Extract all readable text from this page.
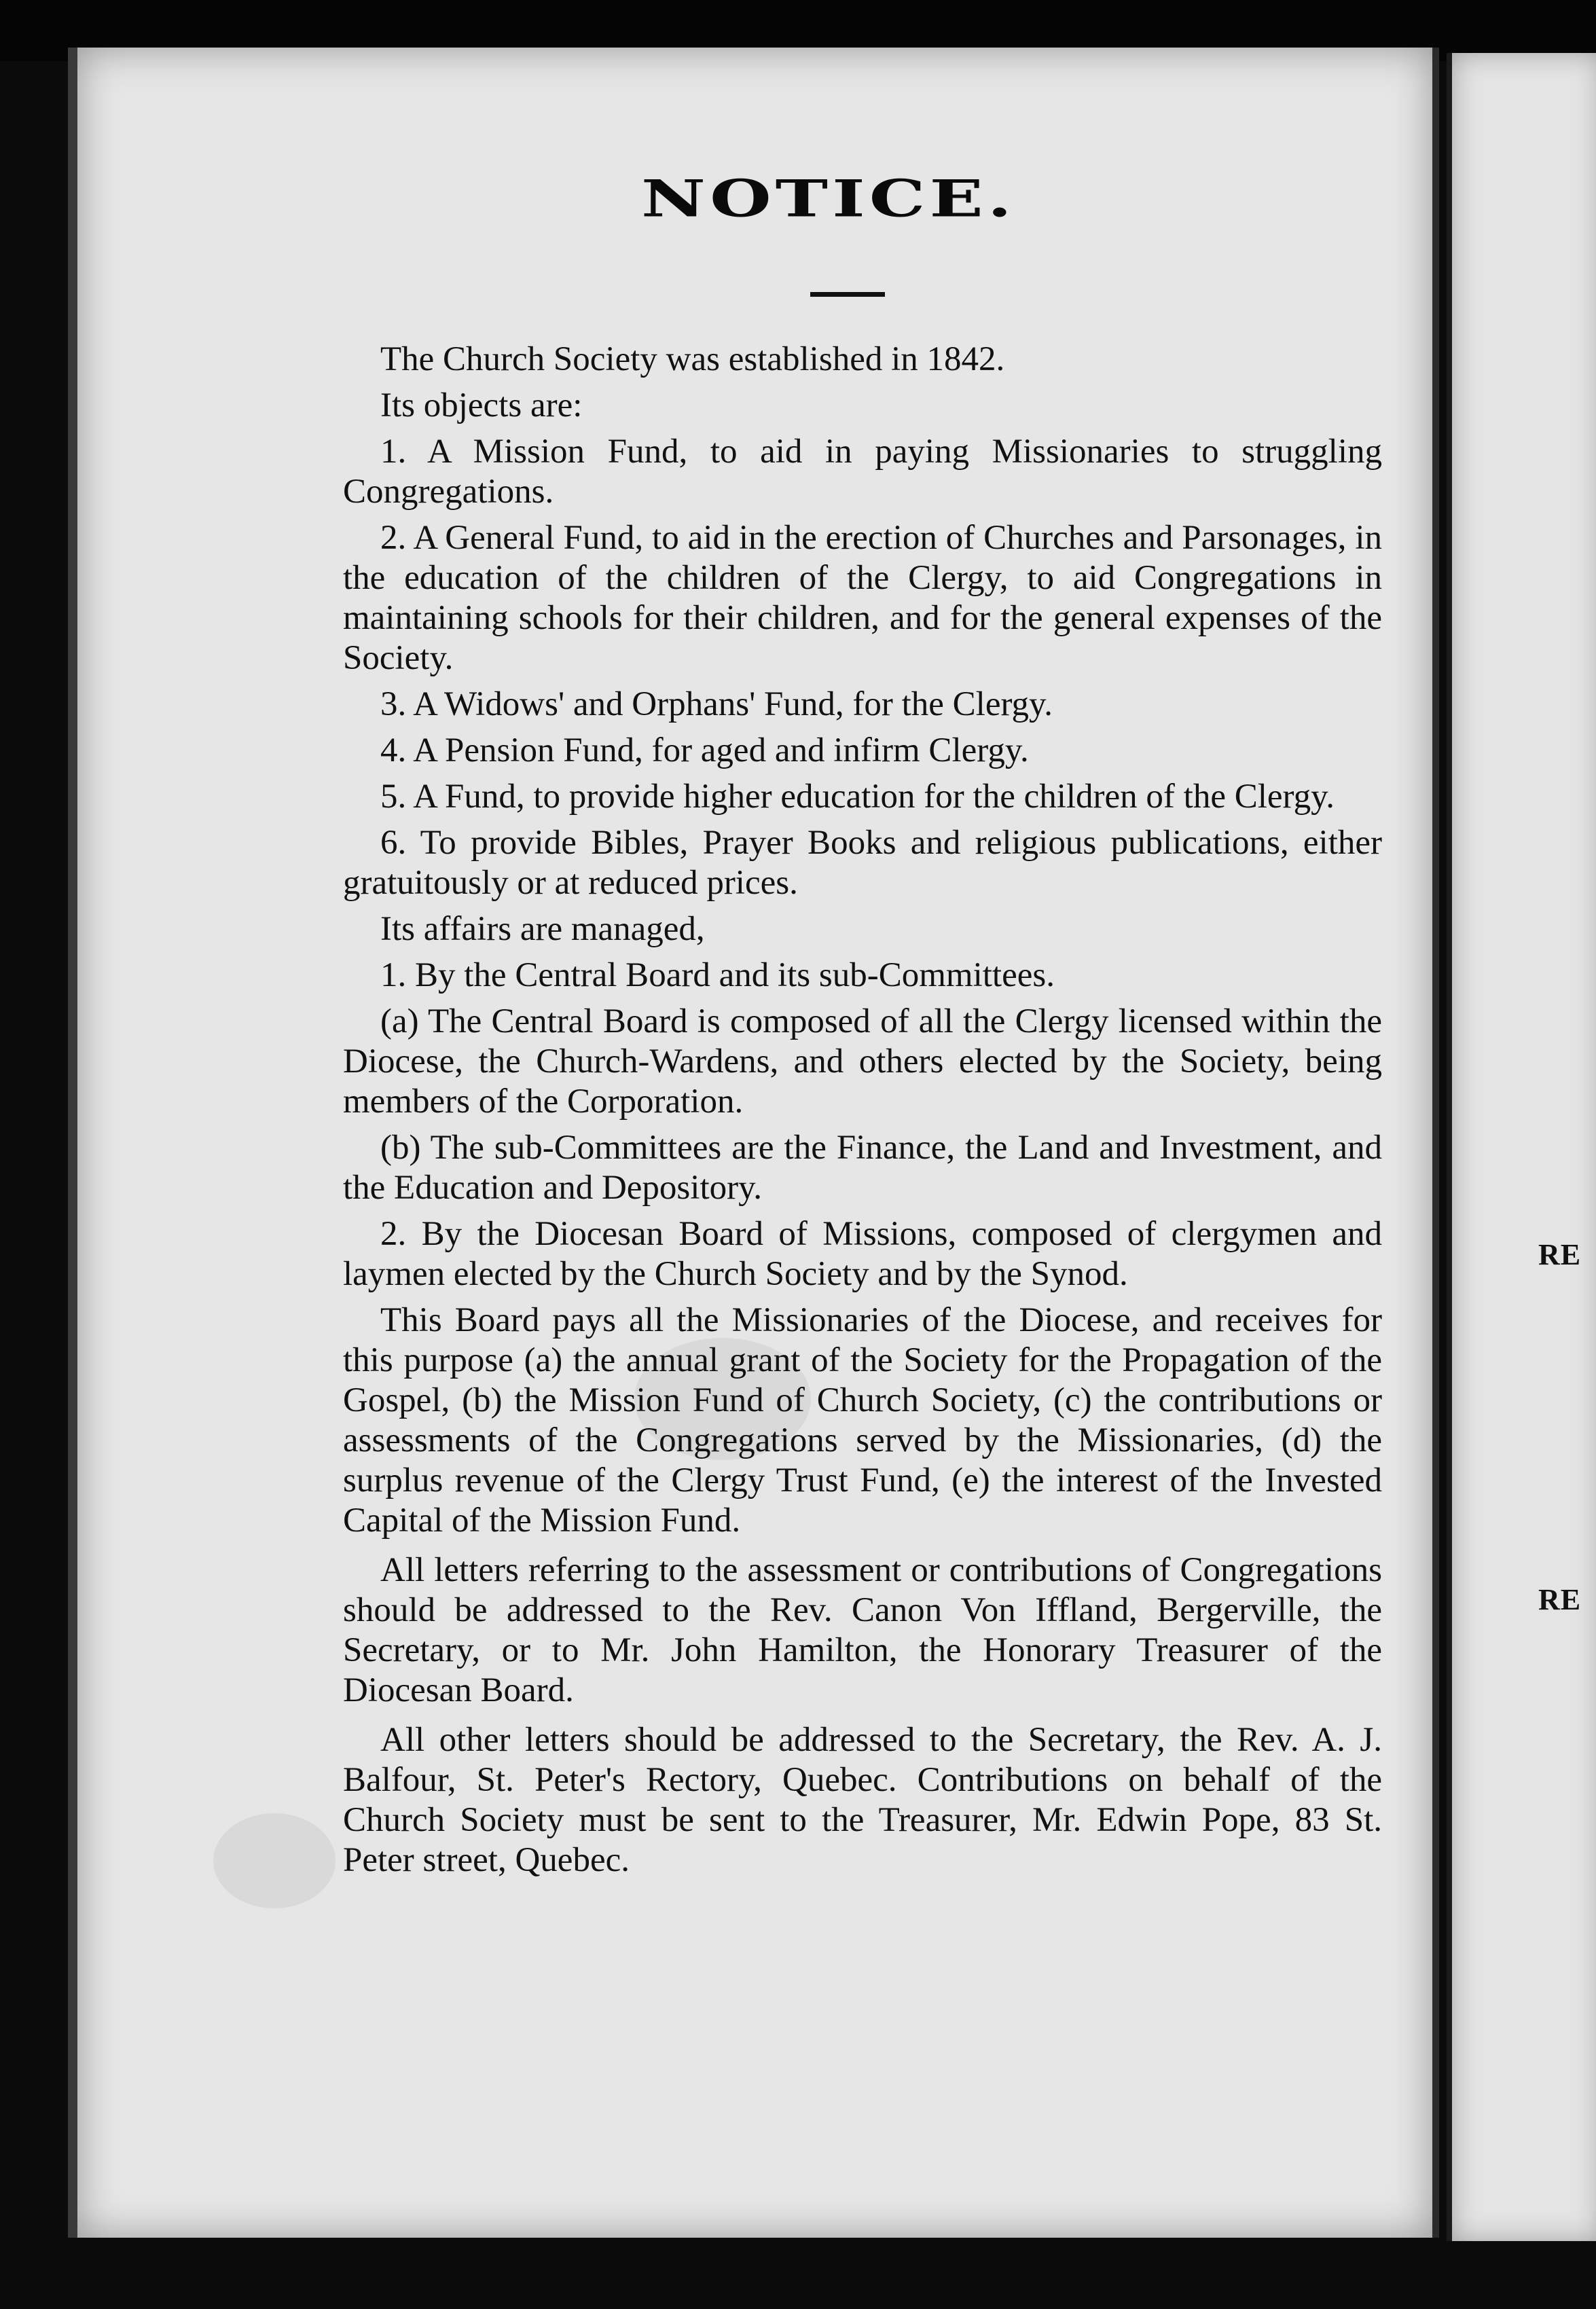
RE
RE
NOTICE.

The Church Society was established in 1842.

Its objects are:

1. A Mission Fund, to aid in paying Missionaries to struggling Congregations.

2. A General Fund, to aid in the erection of Churches and Parsonages, in the education of the children of the Clergy, to aid Congregations in maintaining schools for their children, and for the general expenses of the Society.

3. A Widows' and Orphans' Fund, for the Clergy.

4. A Pension Fund, for aged and infirm Clergy.

5. A Fund, to provide higher education for the children of the Clergy.

6. To provide Bibles, Prayer Books and religious publications, either gratuitously or at reduced prices.

Its affairs are managed,

1. By the Central Board and its sub-Committees.

(a) The Central Board is composed of all the Clergy licensed within the Diocese, the Church-Wardens, and others elected by the Society, being members of the Corporation.

(b) The sub-Committees are the Finance, the Land and Investment, and the Education and Depository.

2. By the Diocesan Board of Missions, composed of clergymen and laymen elected by the Church Society and by the Synod.

This Board pays all the Missionaries of the Diocese, and receives for this purpose (a) the annual grant of the Society for the Propagation of the Gospel, (b) the Mission Fund of Church Society, (c) the contributions or assessments of the Congregations served by the Missionaries, (d) the surplus revenue of the Clergy Trust Fund, (e) the interest of the Invested Capital of the Mission Fund.

All letters referring to the assessment or contributions of Congregations should be addressed to the Rev. Canon Von Iffland, Bergerville, the Secretary, or to Mr. John Hamilton, the Honorary Treasurer of the Diocesan Board.

All other letters should be addressed to the Secretary, the Rev. A. J. Balfour, St. Peter's Rectory, Quebec. Contributions on behalf of the Church Society must be sent to the Treasurer, Mr. Edwin Pope, 83 St. Peter street, Quebec.
